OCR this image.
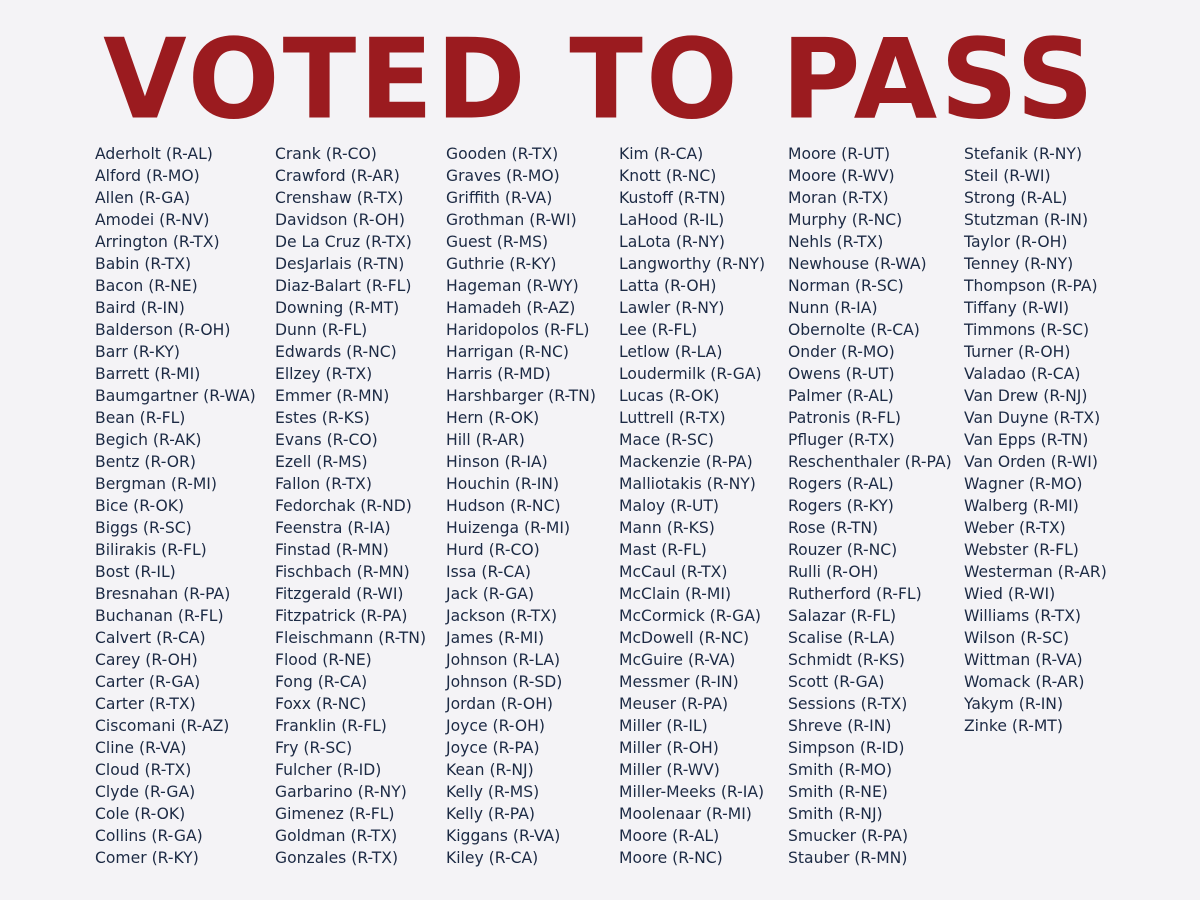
VOTED TO PASS
Aderholt (R-AL)
Alford (R-MO)
Allen (R-GA)
Amodei (R-NV)
Arrington (R-TX)
Babin (R-TX)
Bacon (R-NE)
Baird (R-IN)
Balderson (R-OH)
Barr (R-KY)
Barrett (R-MI)
Baumgartner (R-WA)
Bean (R-FL)
Begich (R-AK)
Bentz (R-OR)
Bergman (R-MI)
Bice (R-OK)
Biggs (R-SC)
Bilirakis (R-FL)
Bost (R-IL)
Bresnahan (R-PA)
Buchanan (R-FL)
Calvert (R-CA)
Carey (R-OH)
Carter (R-GA)
Carter (R-TX)
Ciscomani (R-AZ)
Cline (R-VA)
Cloud (R-TX)
Clyde (R-GA)
Cole (R-OK)
Collins (R-GA)
Comer (R-KY)
Crank (R-CO)
Crawford (R-AR)
Crenshaw (R-TX)
Davidson (R-OH)
De La Cruz (R-TX)
DesJarlais (R-TN)
Diaz-Balart (R-FL)
Downing (R-MT)
Dunn (R-FL)
Edwards (R-NC)
Ellzey (R-TX)
Emmer (R-MN)
Estes (R-KS)
Evans (R-CO)
Ezell (R-MS)
Fallon (R-TX)
Fedorchak (R-ND)
Feenstra (R-IA)
Finstad (R-MN)
Fischbach (R-MN)
Fitzgerald (R-WI)
Fitzpatrick (R-PA)
Fleischmann (R-TN)
Flood (R-NE)
Fong (R-CA)
Foxx (R-NC)
Franklin (R-FL)
Fry (R-SC)
Fulcher (R-ID)
Garbarino (R-NY)
Gimenez (R-FL)
Goldman (R-TX)
Gonzales (R-TX)
Gooden (R-TX)
Graves (R-MO)
Griffith (R-VA)
Grothman (R-WI)
Guest (R-MS)
Guthrie (R-KY)
Hageman (R-WY)
Hamadeh (R-AZ)
Haridopolos (R-FL)
Harrigan (R-NC)
Harris (R-MD)
Harshbarger (R-TN)
Hern (R-OK)
Hill (R-AR)
Hinson (R-IA)
Houchin (R-IN)
Hudson (R-NC)
Huizenga (R-MI)
Hurd (R-CO)
Issa (R-CA)
Jack (R-GA)
Jackson (R-TX)
James (R-MI)
Johnson (R-LA)
Johnson (R-SD)
Jordan (R-OH)
Joyce (R-OH)
Joyce (R-PA)
Kean (R-NJ)
Kelly (R-MS)
Kelly (R-PA)
Kiggans (R-VA)
Kiley (R-CA)
Kim (R-CA)
Knott (R-NC)
Kustoff (R-TN)
LaHood (R-IL)
LaLota (R-NY)
Langworthy (R-NY)
Latta (R-OH)
Lawler (R-NY)
Lee (R-FL)
Letlow (R-LA)
Loudermilk (R-GA)
Lucas (R-OK)
Luttrell (R-TX)
Mace (R-SC)
Mackenzie (R-PA)
Malliotakis (R-NY)
Maloy (R-UT)
Mann (R-KS)
Mast (R-FL)
McCaul (R-TX)
McClain (R-MI)
McCormick (R-GA)
McDowell (R-NC)
McGuire (R-VA)
Messmer (R-IN)
Meuser (R-PA)
Miller (R-IL)
Miller (R-OH)
Miller (R-WV)
Miller-Meeks (R-IA)
Moolenaar (R-MI)
Moore (R-AL)
Moore (R-NC)
Moore (R-UT)
Moore (R-WV)
Moran (R-TX)
Murphy (R-NC)
Nehls (R-TX)
Newhouse (R-WA)
Norman (R-SC)
Nunn (R-IA)
Obernolte (R-CA)
Onder (R-MO)
Owens (R-UT)
Palmer (R-AL)
Patronis (R-FL)
Pfluger (R-TX)
Reschenthaler (R-PA)
Rogers (R-AL)
Rogers (R-KY)
Rose (R-TN)
Rouzer (R-NC)
Rulli (R-OH)
Rutherford (R-FL)
Salazar (R-FL)
Scalise (R-LA)
Schmidt (R-KS)
Scott (R-GA)
Sessions (R-TX)
Shreve (R-IN)
Simpson (R-ID)
Smith (R-MO)
Smith (R-NE)
Smith (R-NJ)
Smucker (R-PA)
Stauber (R-MN)
Stefanik (R-NY)
Steil (R-WI)
Strong (R-AL)
Stutzman (R-IN)
Taylor (R-OH)
Tenney (R-NY)
Thompson (R-PA)
Tiffany (R-WI)
Timmons (R-SC)
Turner (R-OH)
Valadao (R-CA)
Van Drew (R-NJ)
Van Duyne (R-TX)
Van Epps (R-TN)
Van Orden (R-WI)
Wagner (R-MO)
Walberg (R-MI)
Weber (R-TX)
Webster (R-FL)
Westerman (R-AR)
Wied (R-WI)
Williams (R-TX)
Wilson (R-SC)
Wittman (R-VA)
Womack (R-AR)
Yakym (R-IN)
Zinke (R-MT)
